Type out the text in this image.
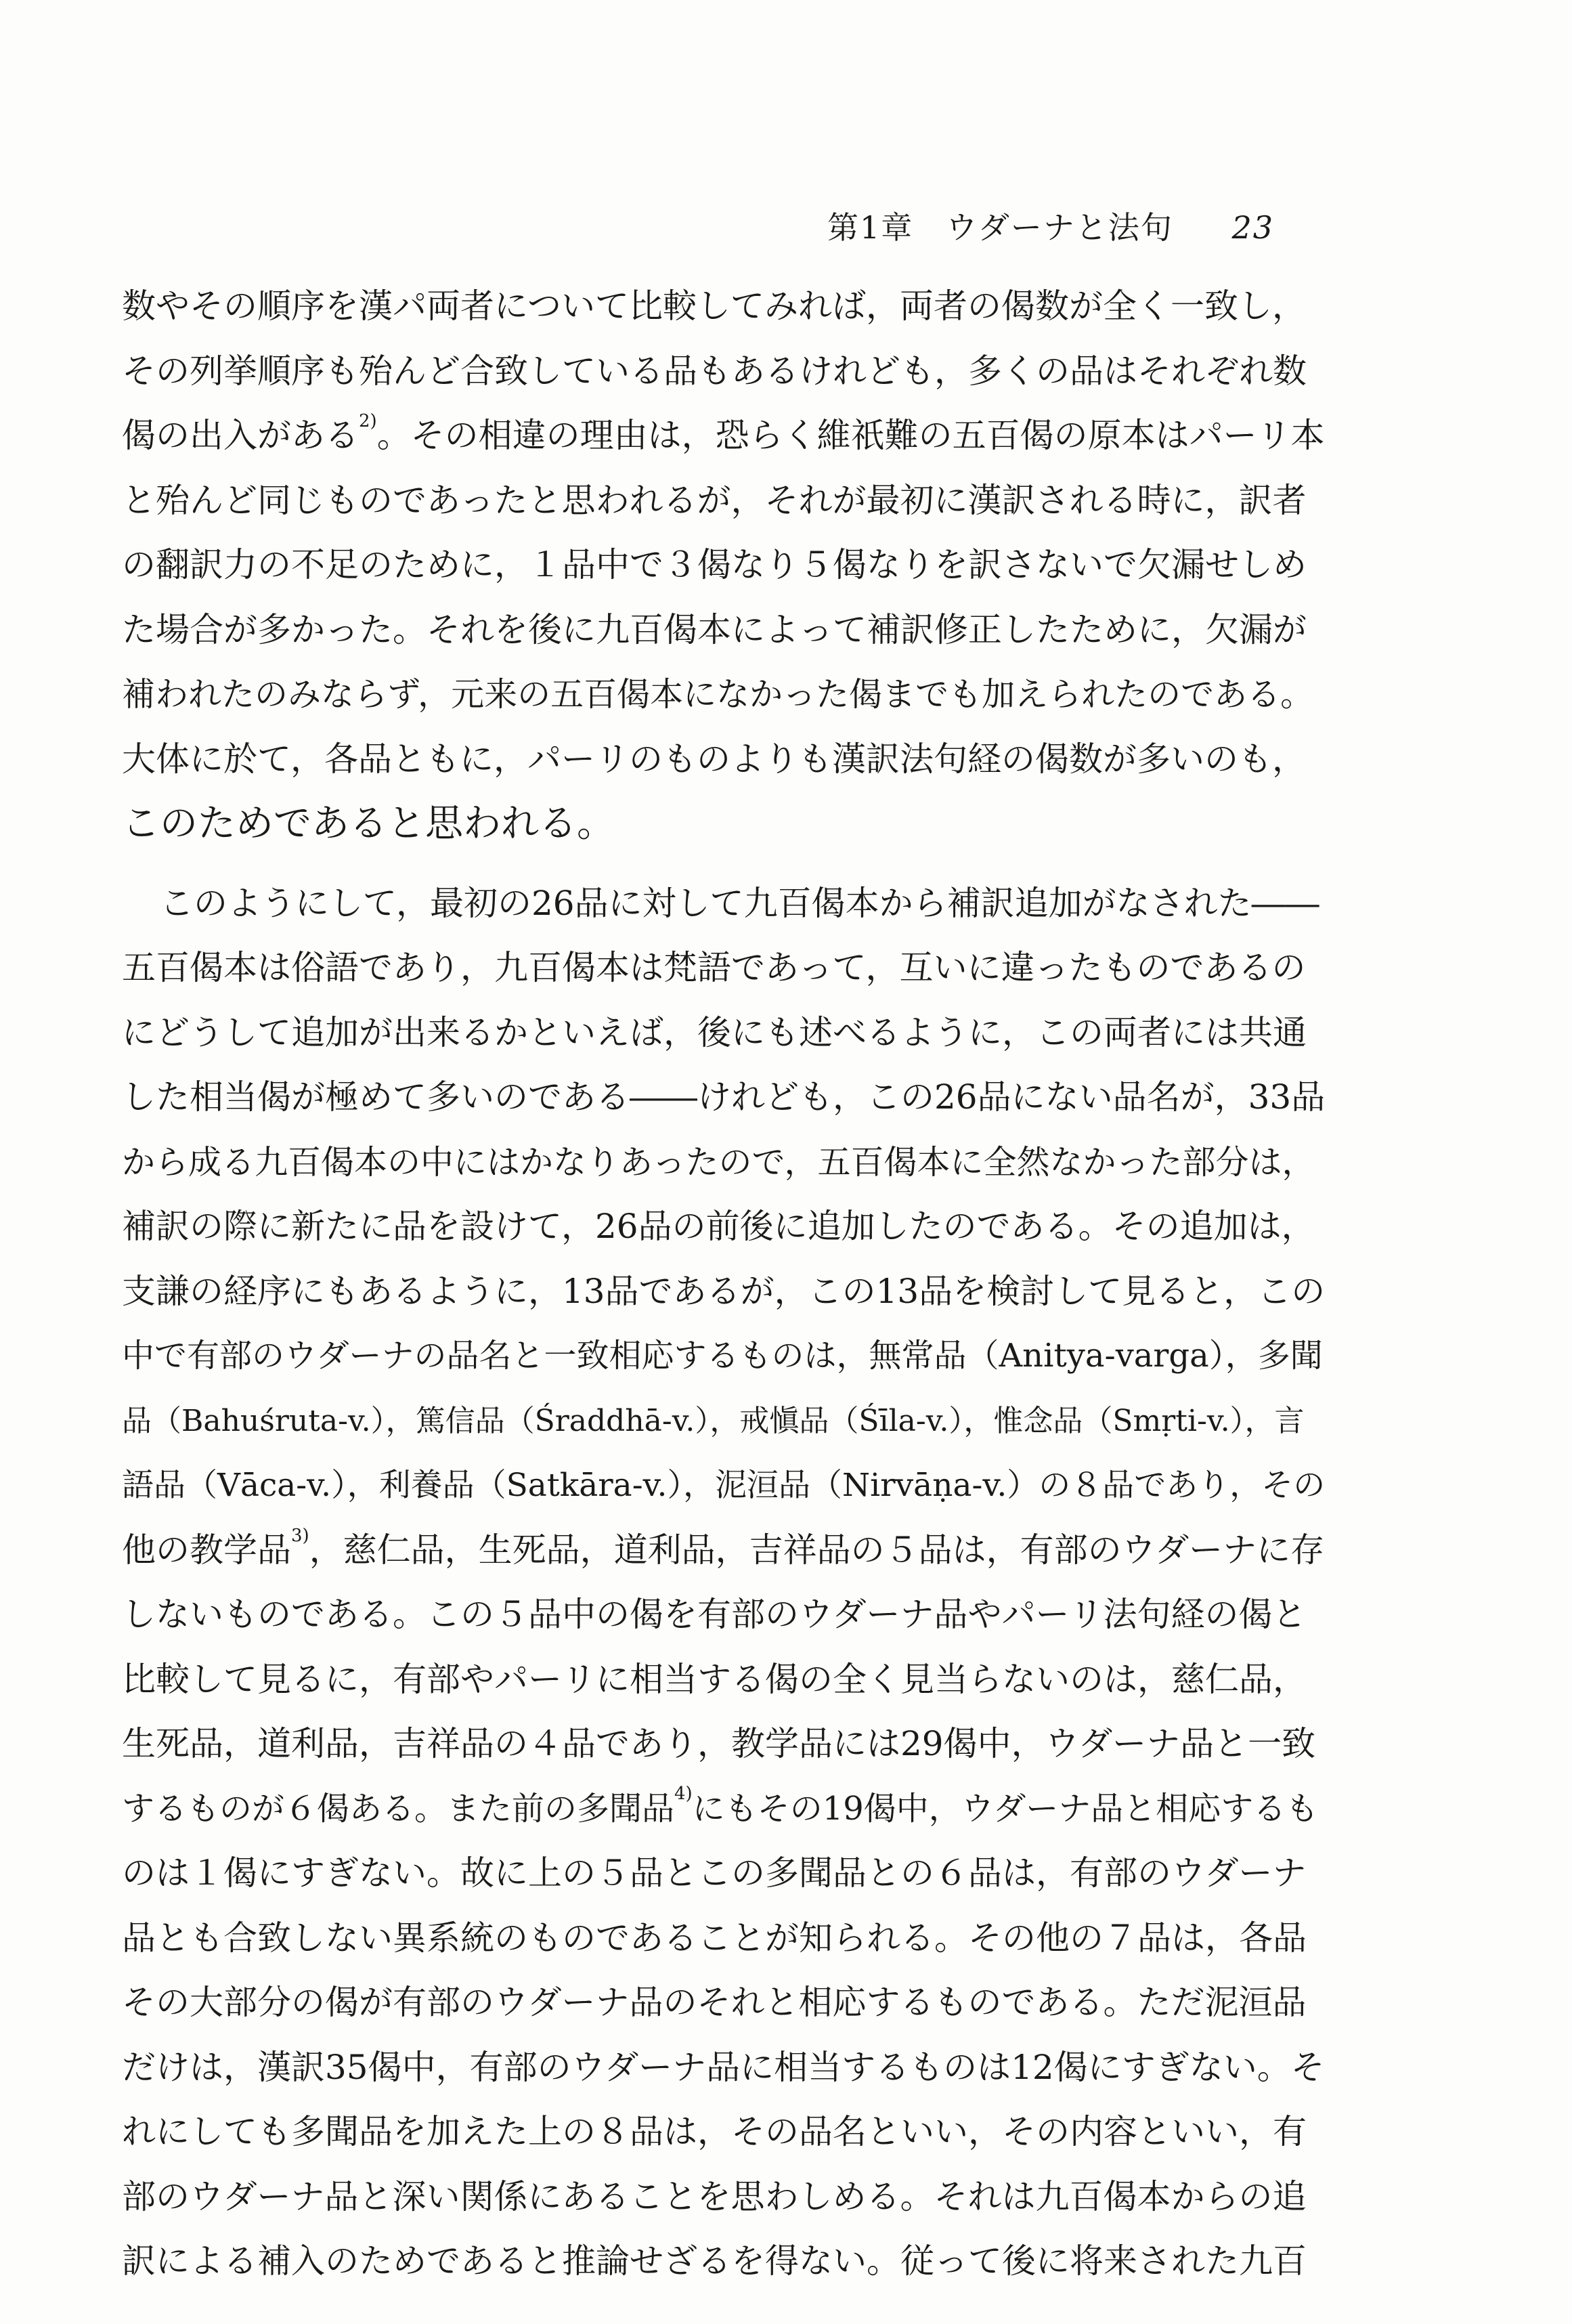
第1章　ウダーナと法句 23
数やその順序を漢パ両者について比較してみれば，両者の偈数が全く一致し，
その列挙順序も殆んど合致している品もあるけれども，多くの品はそれぞれ数
偈の出入がある$^{2)}$。その相違の理由は，恐らく維祇難の五百偈の原本はパーリ本
と殆んど同じものであったと思われるが，それが最初に漢訳される時に，訳者
の翻訳力の不足のために，１品中で３偈なり５偈なりを訳さないで欠漏せしめ
た場合が多かった。それを後に九百偈本によって補訳修正したために，欠漏が
補われたのみならず，元来の五百偈本になかった偈までも加えられたのである。
大体に於て，各品ともに，パーリのものよりも漢訳法句経の偈数が多いのも，
このためであると思われる。
このようにして，最初の26品に対して九百偈本から補訳追加がなされた――
五百偈本は俗語であり，九百偈本は梵語であって，互いに違ったものであるの
にどうして追加が出来るかといえば，後にも述べるように，この両者には共通
した相当偈が極めて多いのである――けれども，この26品にない品名が，33品
から成る九百偈本の中にはかなりあったので，五百偈本に全然なかった部分は，
補訳の際に新たに品を設けて，26品の前後に追加したのである。その追加は，
支謙の経序にもあるように，13品であるが，この13品を検討して見ると，この
中で有部のウダーナの品名と一致相応するものは，無常品（Anitya-varga），多聞
品（Bahuśruta-v.），篤信品（Śraddhā-v.），戒愼品（Śīla-v.），惟念品（Smṛti-v.），言
語品（Vāca-v.），利養品（Satkāra-v.），泥洹品（Nirvāṇa-v.）の８品であり，その
他の教学品$^{3)}$，慈仁品，生死品，道利品，吉祥品の５品は，有部のウダーナに存
しないものである。この５品中の偈を有部のウダーナ品やパーリ法句経の偈と
比較して見るに，有部やパーリに相当する偈の全く見当らないのは，慈仁品，
生死品，道利品，吉祥品の４品であり，教学品には29偈中，ウダーナ品と一致
するものが６偈ある。また前の多聞品$^{4)}$にもその19偈中，ウダーナ品と相応するも
のは１偈にすぎない。故に上の５品とこの多聞品との６品は，有部のウダーナ
品とも合致しない異系統のものであることが知られる。その他の７品は，各品
その大部分の偈が有部のウダーナ品のそれと相応するものである。ただ泥洹品
だけは，漢訳35偈中，有部のウダーナ品に相当するものは12偈にすぎない。そ
れにしても多聞品を加えた上の８品は，その品名といい，その内容といい，有
部のウダーナ品と深い関係にあることを思わしめる。それは九百偈本からの追
訳による補入のためであると推論せざるを得ない。従って後に将来された九百
